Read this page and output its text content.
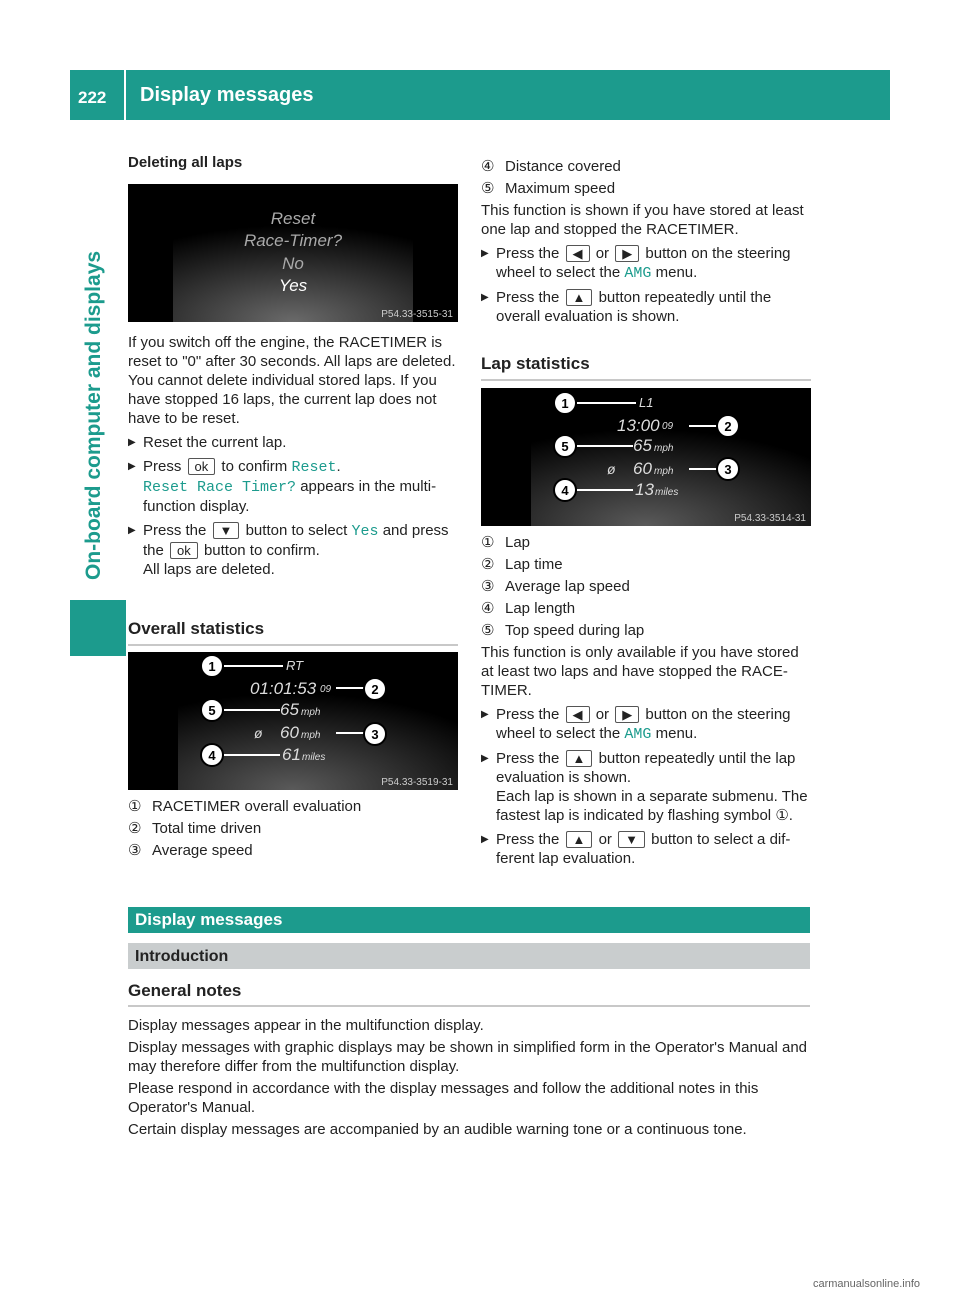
222	Display messages
On-board computer and displays

Deleting all laps

Reset
Race-Timer?
No
Yes
P54.33-3515-31

If you switch off the engine, the RACETIMER is reset to "0" after 30 seconds. All laps are deleted.

You cannot delete individual stored laps. If you have stopped 16 laps, the current lap does not have to be reset.

▶ Reset the current lap.

▶ Press ok to confirm Reset.
Reset Race Timer? appears in the multi-function display.

▶ Press the ▼ button to select Yes and press the ok button to confirm.
All laps are deleted.

Overall statistics

1
2
5
3
4
RT
01:01:53 09
65 mph
ø 60 mph
61 miles
P54.33-3519-31

① RACETIMER overall evaluation

② Total time driven

③ Average speed

④ Distance covered

⑤ Maximum speed

This function is shown if you have stored at least one lap and stopped the RACETIMER.

▶ Press the ◀ or ▶ button on the steering wheel to select the AMG menu.

▶ Press the ▲ button repeatedly until the overall evaluation is shown.

Lap statistics

1
2
5
3
4
L1
13:00 09
65 mph
ø 60 mph
13 miles
P54.33-3514-31

① Lap

② Lap time

③ Average lap speed

④ Lap length

⑤ Top speed during lap

This function is only available if you have stored at least two laps and have stopped the RACE-TIMER.

▶ Press the ◀ or ▶ button on the steering wheel to select the AMG menu.

▶ Press the ▲ button repeatedly until the lap evaluation is shown.
Each lap is shown in a separate submenu. The fastest lap is indicated by flashing symbol ①.

▶ Press the ▲ or ▼ button to select a dif-ferent lap evaluation.

Display messages
Introduction

General notes

Display messages appear in the multifunction display.

Display messages with graphic displays may be shown in simplified form in the Operator's Manual and may therefore differ from the multifunction display.

Please respond in accordance with the display messages and follow the additional notes in this Operator's Manual.

Certain display messages are accompanied by an audible warning tone or a continuous tone.

carmanualsonline.info
